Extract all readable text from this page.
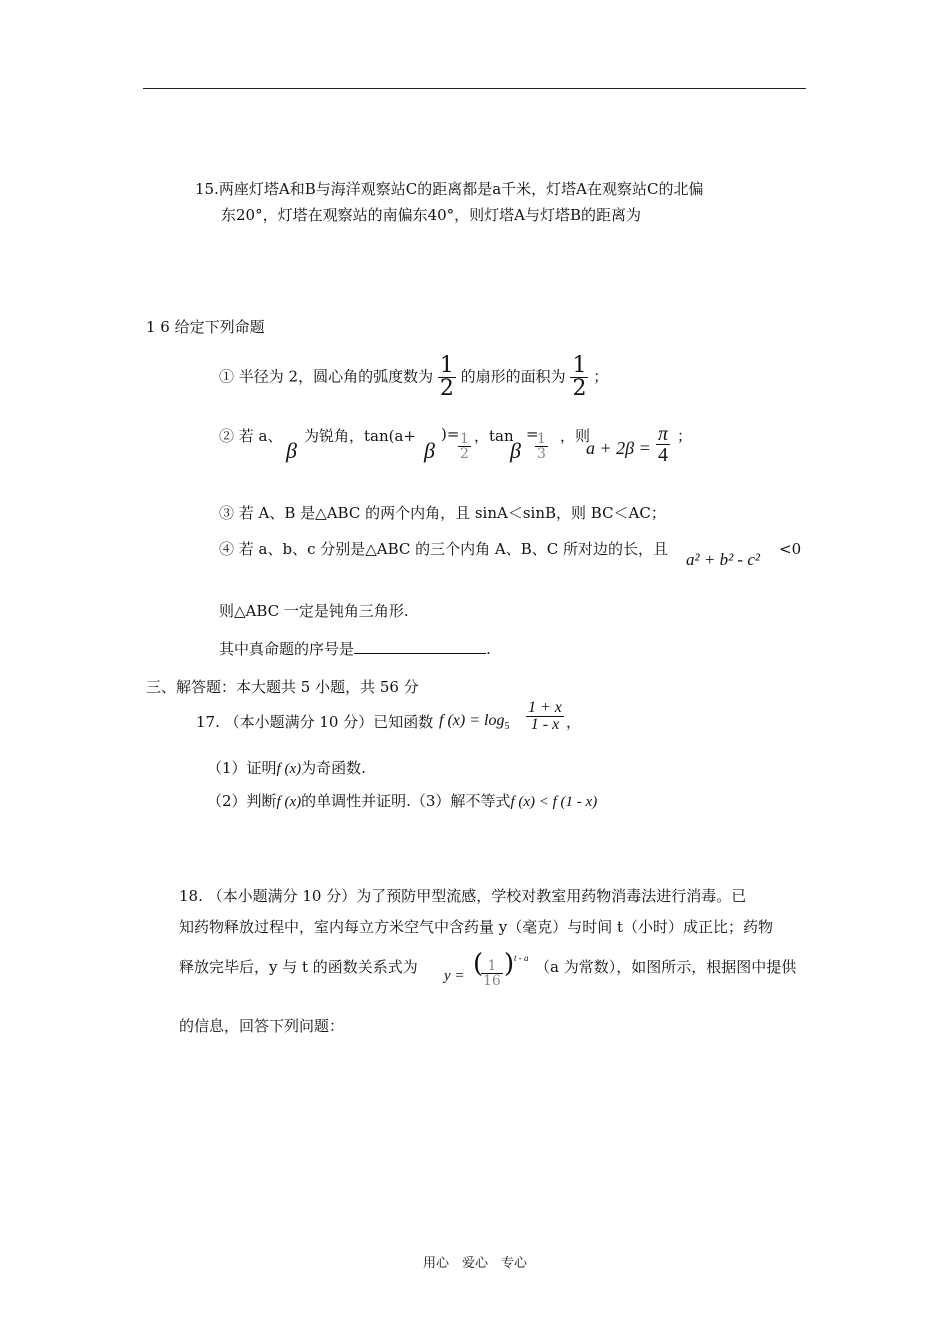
15.两座灯塔A和B与海洋观察站C的距离都是a千米，灯塔A在观察站C的北偏
东20°，灯塔在观察站的南偏东40°，则灯塔A与灯塔B的距离为
1 6 给定下列命题
① 半径为 2，圆心角的弧度数为 $\frac{1}{2}$ 的扇形的面积为 $\frac{1}{2}$ ；
② 若 a、
β
为锐角，tan(a+
β
)=
$\frac{1}{2}$ ，tan
β
=
$\frac{1}{3}$ ，则
$a + 2\beta = \frac{\pi}{4}$ ；
③ 若 A、B 是△ABC 的两个内角，且 sinA＜sinB，则 BC＜AC；
④ 若 a、b、c 分别是△ABC 的三个内角 A、B、C 所对边的长，且
a² + b² - c²
<0
则△ABC 一定是钝角三角形.
其中真命题的序号是	.
三、解答题：本大题共 5 小题，共 56 分
17. （本小题满分 10 分）已知函数 f $(x) = \log_5 \frac{1 + x}{1 - x}$ ，
（1）证明f (x)为奇函数.
（2）判断f (x)的单调性并证明.（3）解不等式f (x) < f (1 - x)
18. （本小题满分 10 分）为了预防甲型流感，学校对教室用药物消毒法进行消毒。已
知药物释放过程中，室内每立方米空气中含药量 y（毫克）与时间 t（小时）成正比；药物
释放完毕后，y 与 t 的函数关系式为 y = (
$\frac{1}{16}$ ) t - a （a 为常数），如图所示，根据图中提供
的信息，回答下列问题：
用心　爱心　专心
